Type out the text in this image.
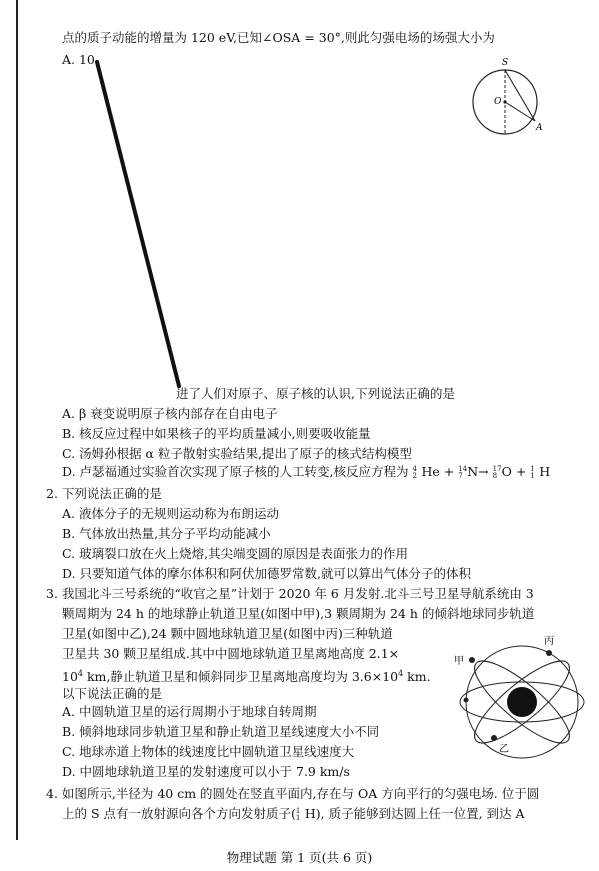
点的质子动能的增量为 120 eV,已知∠OSA = 30°,则此匀强电场的场强大小为
A. 10	S
O
A
进了人们对原子、原子核的认识,下列说法正确的是
A. β 衰变说明原子核内部存在自由电子
B. 核反应过程中如果核子的平均质量减小,则要吸收能量
C. 汤姆孙根据 α 粒子散射实验结果,提出了原子的核式结构模型
D. 卢瑟福通过实验首次实现了原子核的人工转变,核反应方程为 4
2 He + 14
7 N→ 17
8 O + 1
1 H
2. 下列说法正确的是
A. 液体分子的无规则运动称为布朗运动
B. 气体放出热量,其分子平均动能减小
C. 玻璃裂口放在火上烧熔,其尖端变圆的原因是表面张力的作用
D. 只要知道气体的摩尔体积和阿伏加德罗常数,就可以算出气体分子的体积
3. 我国北斗三号系统的“收官之星”计划于 2020 年 6 月发射.北斗三号卫星导航系统由 3
颗周期为 24 h 的地球静止轨道卫星(如图中甲),3 颗周期为 24 h 的倾斜地球同步轨道
卫星(如图中乙),24 颗中圆地球轨道卫星(如图中丙)三种轨道
卫星共 30 颗卫星组成.其中中圆地球轨道卫星离地高度 2.1×
$10^4$ km,静止轨道卫星和倾斜同步卫星离地高度均为 $3.6\times 10^4$ km.
以下说法正确的是
A. 中圆轨道卫星的运行周期小于地球自转周期
B. 倾斜地球同步轨道卫星和静止轨道卫星线速度大小不同
C. 地球赤道上物体的线速度比中圆轨道卫星线速度大
D. 中圆地球轨道卫星的发射速度可以小于 7.9 km/s
丙
甲
乙
4. 如图所示,半径为 40 cm 的圆处在竖直平面内,存在与 OA 方向平行的匀强电场. 位于圆
上的 S 点有一放射源向各个方向发射质子( 1
1 H), 质子能够到达圆上任一位置, 到达 A
物理试题 第 1 页(共 6 页)
